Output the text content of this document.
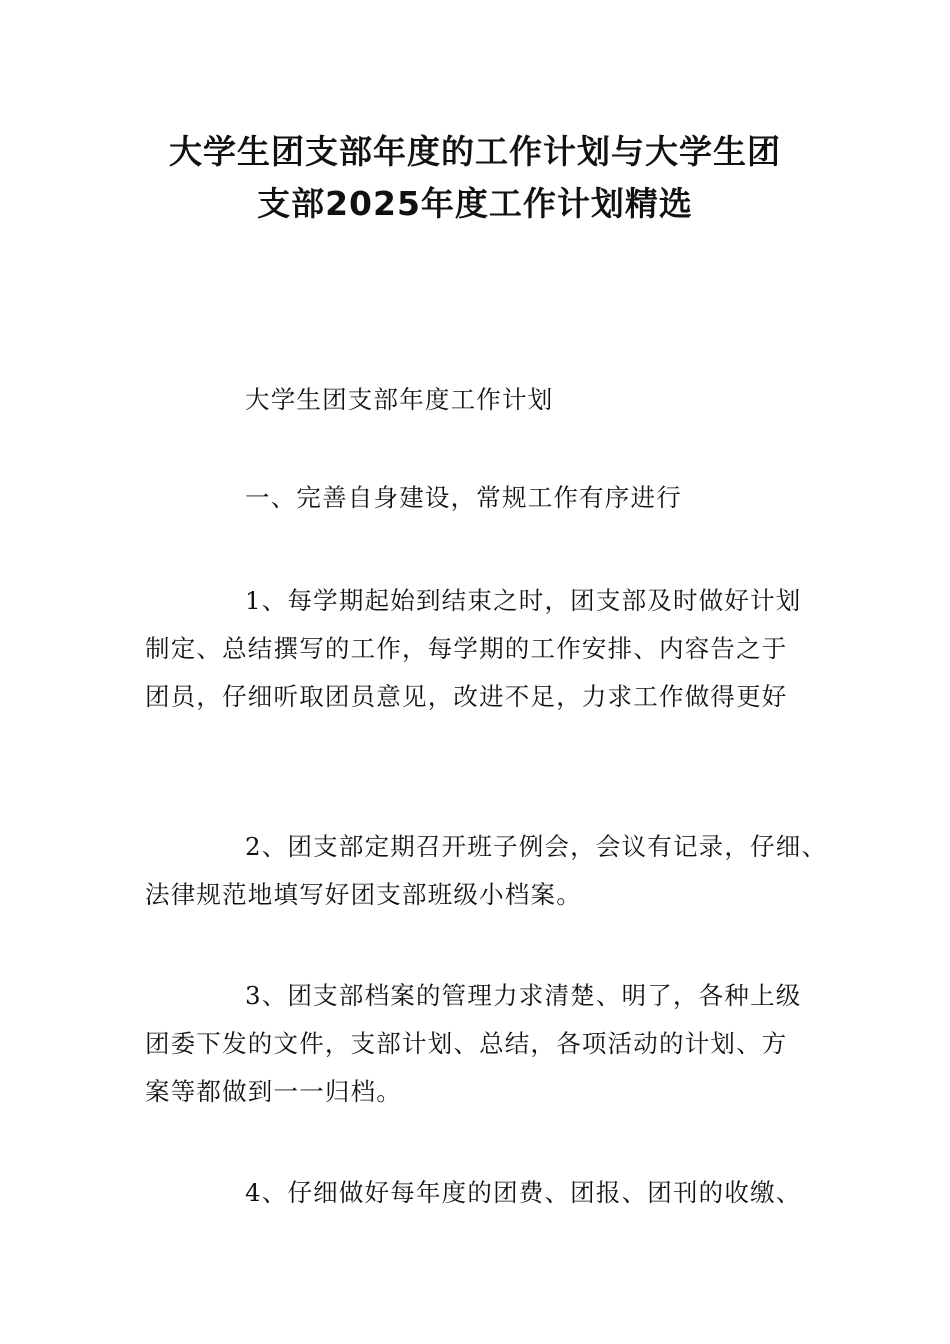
大学生团支部年度的工作计划与大学生团
支部2025年度工作计划精选

大学生团支部年度工作计划

一、完善自身建设，常规工作有序进行

1、每学期起始到结束之时，团支部及时做好计划

制定、总结撰写的工作，每学期的工作安排、内容告之于

团员，仔细听取团员意见，改进不足，力求工作做得更好

2、团支部定期召开班子例会，会议有记录，仔细、

法律规范地填写好团支部班级小档案。

3、团支部档案的管理力求清楚、明了，各种上级

团委下发的文件，支部计划、总结，各项活动的计划、方

案等都做到一一归档。

4、仔细做好每年度的团费、团报、团刊的收缴、
